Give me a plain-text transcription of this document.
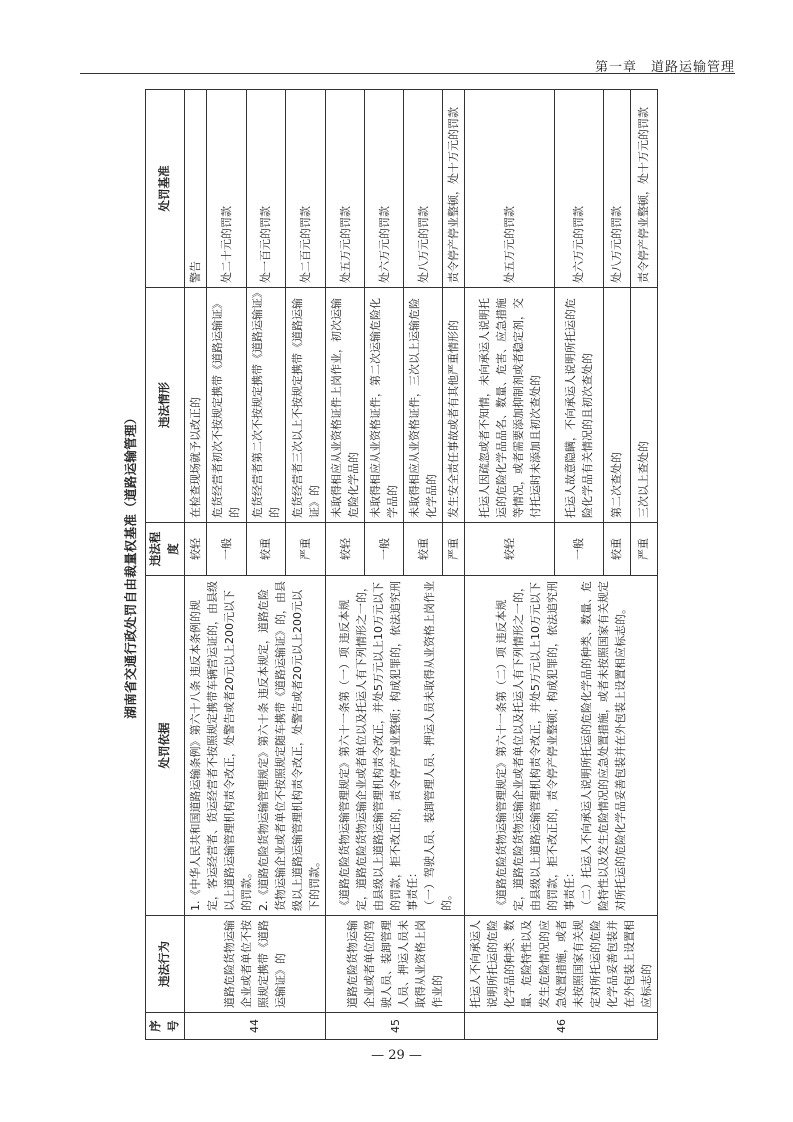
第一章　道路运输管理
湖南省交通行政处罚自由裁量权基准（道路运输管理）
序号	违法行为	处罚依据	违法程度	违法情形	处罚基准
44	道路危险货物运输企业或者单位不按照规定携带《道路运输证》的	1.《中华人民共和国道路运输条例》第六十八条 违反本条例的规定，客运经营者、货运经营者不按照规定携带车辆营运证的，由县级以上道路运输管理机构责令改正，处警告或者20元以上200元以下的罚款。 2.《道路危险货物运输管理规定》第六十条 违反本规定，道路危险货物运输企业或者单位不按照规定随车携带《道路运输证》的，由县级以上道路运输管理机构责令改正，处警告或者20元以上200元以下的罚款。	较轻	在检查现场就予以改正的	警告
			一般	危货经营者初次不按规定携带《道路运输证》的	处二十元的罚款
			较重	危货经营者第二次不按规定携带《道路运输证》的	处一百元的罚款
			严重	危货经营者三次以上不按规定携带《道路运输证》的	处二百元的罚款
45	道路危险货物运输企业或者单位的驾驶人员、装卸管理人员、押运人员未取得从业资格上岗作业的	《道路危险货物运输管理规定》第六十一条第（一）项 违反本规定，道路危险货物运输企业或者单位以及托运人有下列情形之一的，由县级以上道路运输管理机构责令改正，并处5万元以上10万元以下的罚款，拒不改正的，责令停产停业整顿；构成犯罪的，依法追究刑事责任： （一）驾驶人员、装卸管理人员、押运人员未取得从业资格上岗作业的。	较轻	未取得相应从业资格证件上岗作业，初次运输危险化学品的	处五万元的罚款
			一般	未取得相应从业资格证件，第二次运输危险化学品的	处六万元的罚款
			较重	未取得相应从业资格证件，三次以上运输危险化学品的	处八万元的罚款
			严重	发生安全责任事故或者有其他严重情形的	责令停产停业整顿，处十万元的罚款
46	托运人不向承运人说明所托运的危险化学品的种类、数量、危险特性以及发生危险情况的应急处置措施，或者未按照国家有关规定对所托运的危险化学品妥善包装并在外包装上设置相应标志的	《道路危险货物运输管理规定》第六十一条第（二）项 违反本规定，道路危险货物运输企业或者单位以及托运人有下列情形之一的，由县级以上道路运输管理机构责令改正，并处5万元以上10万元以下的罚款，拒不改正的，责令停产停业整顿；构成犯罪的，依法追究刑事责任： （二）托运人不向承运人说明所托运的危险化学品的种类、数量、危险特性以及发生危险情况的应急处置措施，或者未按照国家有关规定对所托运的危险化学品妥善包装并在外包装上设置相应标志的。	较轻	托运人因疏忽或者不知情，未向承运人说明托运的危险化学品品名、数量、危害、应急措施等情况，或者需要添加抑制剂或者稳定剂，交付托运时未添加且初次查处的	处五万元的罚款
			一般	托运人故意隐瞒，不向承运人说明所托运的危险化学品有关情况的且初次查处的	处六万元的罚款
			较重	第二次查处的	处八万元的罚款
			严重	三次以上查处的	责令停产停业整顿，处十万元的罚款
— 29 —
